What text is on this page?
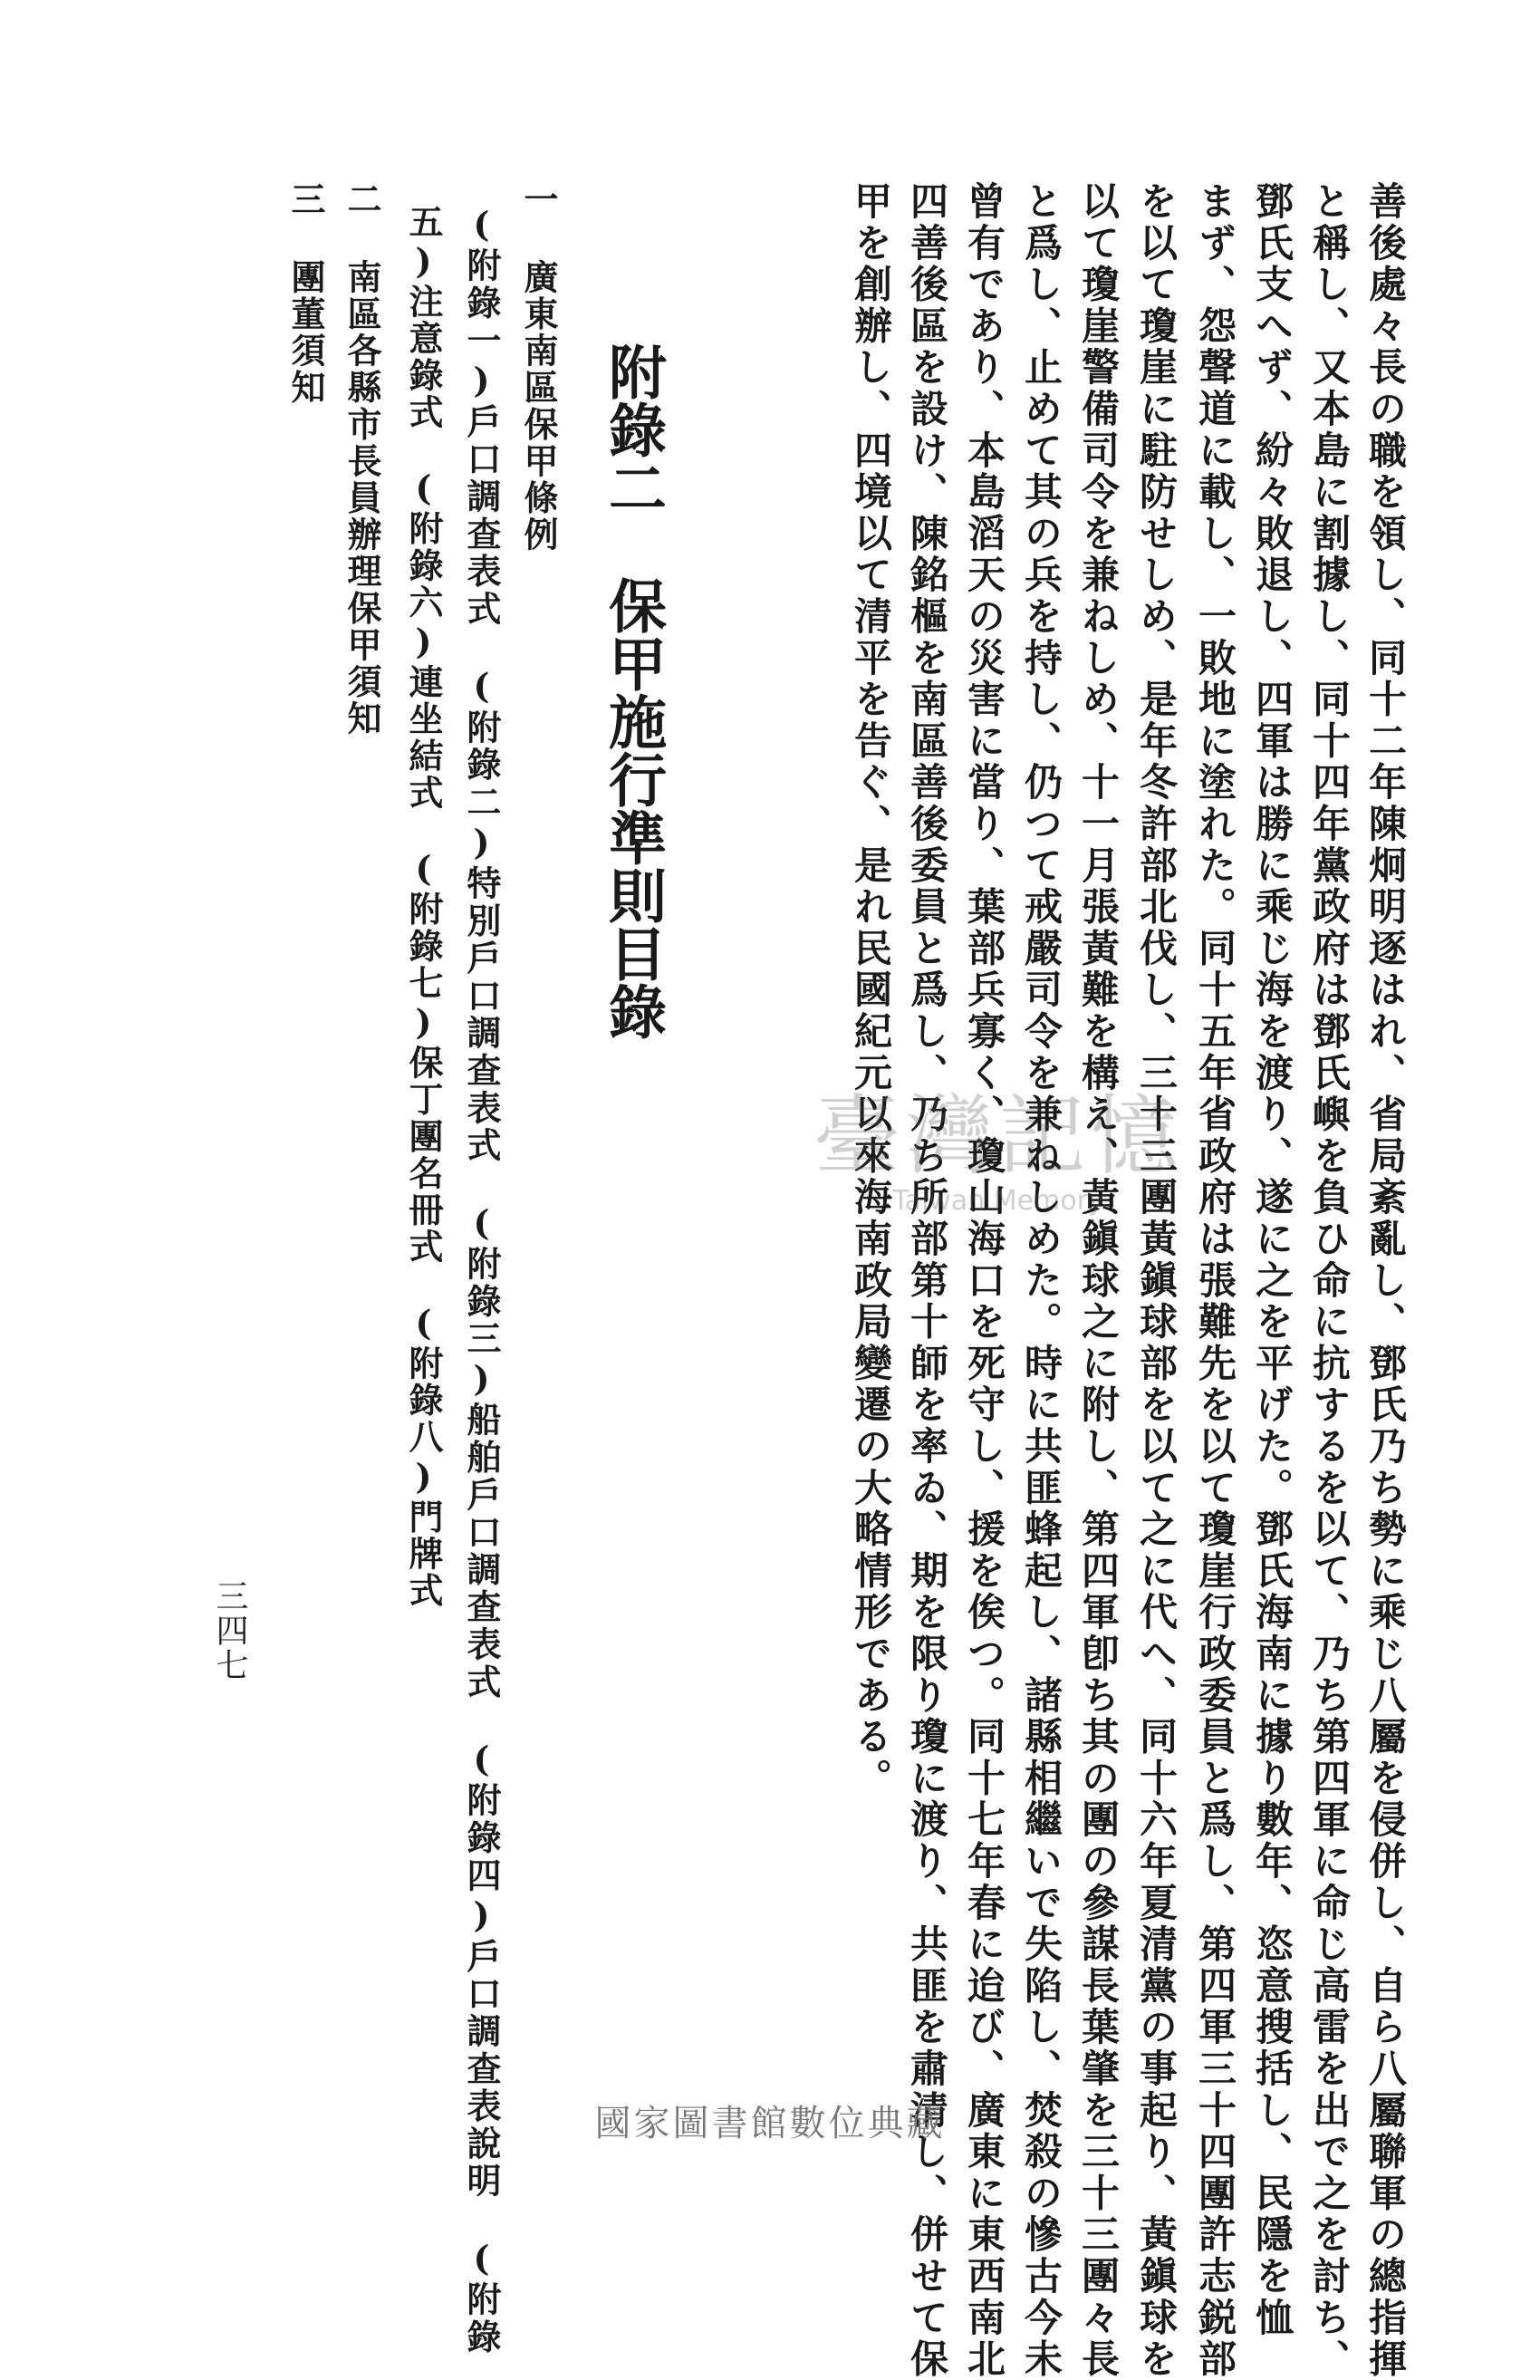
善後處々長の職を領し、同十二年陳炯明逐はれ、省局紊亂し、鄧氏乃ち勢に乘じ八屬を侵併し、自ら八屬聯軍の總指揮
と稱し、又本島に割據し、同十四年黨政府は鄧氏嶼を負ひ命に抗するを以て、乃ち第四軍に命じ高雷を出で之を討ち、
鄧氏支へず、紛々敗退し、四軍は勝に乘じ海を渡り、遂に之を平げた。鄧氏海南に據り數年、恣意搜括し、民隱を恤
まず、怨聲道に載し、一敗地に塗れた。同十五年省政府は張難先を以て瓊崖行政委員と爲し、第四軍三十四團許志鋭部
を以て瓊崖に駐防せしめ、是年冬許部北伐し、三十三團黃鎭球部を以て之に代へ、同十六年夏清黨の事起り、黃鎭球を
以て瓊崖警備司令を兼ねしめ、十一月張黃難を構え、黃鎭球之に附し、第四軍卽ち其の團の參謀長葉肇を三十三團々長
と爲し、止めて其の兵を持し、仍つて戒嚴司令を兼ねしめた。時に共匪蜂起し、諸縣相繼いで失陷し、焚殺の慘古今未
曾有であり、本島滔天の災害に當り、葉部兵寡く、瓊山海口を死守し、援を俟つ。同十七年春に迨び、廣東に東西南北
四善後區を設け、陳銘樞を南區善後委員と爲し、乃ち所部第十師を率ゐ、期を限り瓊に渡り、共匪を肅清し、併せて保
甲を創辦し、四境以て清平を告ぐ、是れ民國紀元以來海南政局變遷の大略情形である。
附錄二保甲施行準則目錄
一
廣東南區保甲條例
(附錄一)戶口調查表式　(附錄二)特別戶口調查表式　(附錄三)船舶戶口調查表式　(附錄四)戶口調查表說明　(附錄
五)注意錄式　(附錄六)連坐結式　(附錄七)保丁團名冊式　(附錄八)門牌式
二
南區各縣市長員辦理保甲須知
三
團董須知
三四七
臺灣記憶
Taiwan Memory
國家圖書館數位典藏
